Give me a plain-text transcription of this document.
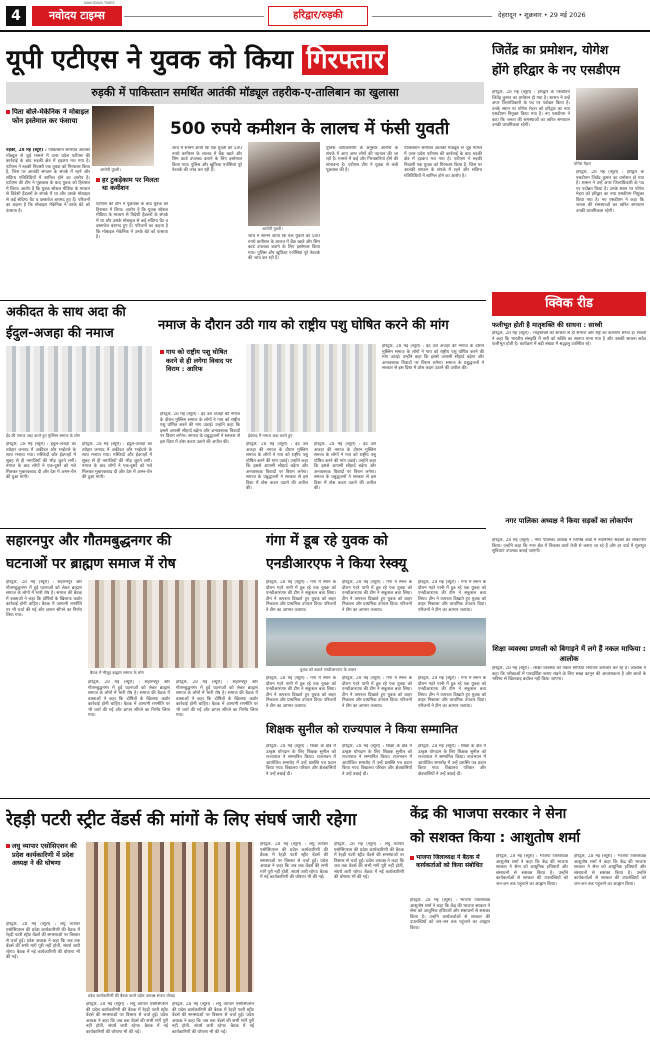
4	नवोदय टाइम्स
NAVODAYA TIMES
हरिद्वार/रुड़की	देहरादून • शुक्रवार • 29 मई 2026
यूपी एटीएस ने युवक को किया गिरफ्तार
रुड़की में पाकिस्तान समर्थित आतंकी मॉड्यूल तहरीक-ए-तालिबान का खुलासा
पिता बोले-मेकेनिक ने मोबाइल फोन इस्तेमाल कर फंसाया
आरोपी युवती।
रुड़की, 28 मई (ब्यूरो) : पाकिस्तान समर्थित आतंकी मॉड्यूल से जुड़े मामले में उत्तर प्रदेश एटीएस की कार्रवाई के बाद रुड़की क्षेत्र में हड़कंप मच गया है। एटीएस ने रुड़की निवासी एक युवक को गिरफ्तार किया है, जिस पर आतंकी संगठन के संपर्क में रहने और संदिग्ध गतिविधियों में शामिल होने का आरोप है। एटीएस की टीम ने पूछताछ के बाद युवक को हिरासत में लिया। आरोप है कि युवक सोशल मीडिया के माध्यम से विदेशी हैंडलरों के संपर्क में था और उसके मोबाइल से कई संदिग्ध चैट व दस्तावेज बरामद हुए हैं। परिजनों का कहना है कि मोबाइल मेकेनिक ने उनके बेटे को फंसाया है।
500 रुपये कमीशन के लालच में फंसी युवती
हर टुकड़ेकाम पर मिलता था कमीशन
एटीएस की टीम ने पूछताछ के बाद युवक को हिरासत में लिया। आरोप है कि युवक सोशल मीडिया के माध्यम से विदेशी हैंडलरों के संपर्क में था और उसके मोबाइल से कई संदिग्ध चैट व दस्तावेज बरामद हुए हैं। परिजनों का कहना है कि मोबाइल मेकेनिक ने उनके बेटे को फंसाया है।
जांच में सामने आया कि एक युवती को 500 रुपये कमीशन के लालच में बैंक खाते और सिम कार्ड उपलब्ध कराने के लिए इस्तेमाल किया गया। पुलिस और खुफिया एजेंसियां पूरे नेटवर्क की जांच कर रही हैं।
आरोपी युवती।
पुलिस अधिकारियों के अनुसार आरोपी के संपर्क में आए अन्य लोगों की पहचान की जा रही है। मामले में कई और गिरफ्तारियां होने की संभावना है। एटीएस टीम ने युवक से लंबी पूछताछ की है।
पाकिस्तान समर्थित आतंकी मॉड्यूल से जुड़े मामले में उत्तर प्रदेश एटीएस की कार्रवाई के बाद रुड़की क्षेत्र में हड़कंप मच गया है। एटीएस ने रुड़की निवासी एक युवक को गिरफ्तार किया है, जिस पर आतंकी संगठन के संपर्क में रहने और संदिग्ध गतिविधियों में शामिल होने का आरोप है।
जांच में सामने आया कि एक युवती को 500 रुपये कमीशन के लालच में बैंक खाते और सिम कार्ड उपलब्ध कराने के लिए इस्तेमाल किया गया। पुलिस और खुफिया एजेंसियां पूरे नेटवर्क की जांच कर रही हैं।
जितेंद्र का प्रमोशन, योगेश
होंगे हरिद्वार के नए एसडीएम
हरिद्वार, 28 मई (ब्यूरो) : हरिद्वार के एसडीएम जितेंद्र कुमार का प्रमोशन हो गया है। शासन ने उन्हें अपर जिलाधिकारी के पद पर पदोन्नत किया है। उनके स्थान पर योगेश मेहरा को हरिद्वार का नया एसडीएम नियुक्त किया गया है। नए एसडीएम ने कहा कि जनता की समस्याओं का त्वरित समाधान उनकी प्राथमिकता रहेगी।
योगेश मेहरा
हरिद्वार, 28 मई (ब्यूरो) : हरिद्वार के एसडीएम जितेंद्र कुमार का प्रमोशन हो गया है। शासन ने उन्हें अपर जिलाधिकारी के पद पर पदोन्नत किया है। उनके स्थान पर योगेश मेहरा को हरिद्वार का नया एसडीएम नियुक्त किया गया है। नए एसडीएम ने कहा कि जनता की समस्याओं का त्वरित समाधान उनकी प्राथमिकता रहेगी।
अकीदत के साथ अदा की
ईदुल-अजहा की नमाज
ईद की नमाज अदा करते हुए मुस्लिम समाज के लोग
हरिद्वार, 28 मई (ब्यूरो) : ईदुल-अजहा का त्योहार जनपद में अकीदत और भाईचारे के साथ मनाया गया। मस्जिदों और ईदगाहों में सुबह से ही नमाजियों की भीड़ जुटने लगी। नमाज के बाद लोगों ने एक-दूसरे को गले मिलकर मुबारकबाद दी और देश में अमन-चैन की दुआ मांगी।
हरिद्वार, 28 मई (ब्यूरो) : ईदुल-अजहा का त्योहार जनपद में अकीदत और भाईचारे के साथ मनाया गया। मस्जिदों और ईदगाहों में सुबह से ही नमाजियों की भीड़ जुटने लगी। नमाज के बाद लोगों ने एक-दूसरे को गले मिलकर मुबारकबाद दी और देश में अमन-चैन की दुआ मांगी।
नमाज के दौरान उठी गाय को राष्ट्रीय पशु घोषित करने की मांग
गाय को राष्ट्रीय पशु घोषित करने से ही लगेगा विवाद पर विराम : आरिफ
ईदगाह में नमाज अदा करते हुए
हरिद्वार, 28 मई (ब्यूरो) : ईद उल अजहा की नमाज के दौरान मुस्लिम समाज के लोगों ने गाय को राष्ट्रीय पशु घोषित करने की मांग उठाई। उन्होंने कहा कि इससे आपसी सौहार्द बढ़ेगा और अनावश्यक विवादों पर विराम लगेगा। समाज के प्रबुद्धजनों ने सरकार से इस दिशा में ठोस कदम उठाने की अपील की।	हरिद्वार, 28 मई (ब्यूरो) : ईद उल अजहा की नमाज के दौरान मुस्लिम समाज के लोगों ने गाय को राष्ट्रीय पशु घोषित करने की मांग उठाई। उन्होंने कहा कि इससे आपसी सौहार्द बढ़ेगा और अनावश्यक विवादों पर विराम लगेगा। समाज के प्रबुद्धजनों ने सरकार से इस दिशा में ठोस कदम उठाने की अपील की।
हरिद्वार, 28 मई (ब्यूरो) : ईद उल अजहा की नमाज के दौरान मुस्लिम समाज के लोगों ने गाय को राष्ट्रीय पशु घोषित करने की मांग उठाई। उन्होंने कहा कि इससे आपसी सौहार्द बढ़ेगा और अनावश्यक विवादों पर विराम लगेगा। समाज के प्रबुद्धजनों ने सरकार से इस दिशा में ठोस कदम उठाने की अपील की।
हरिद्वार, 28 मई (ब्यूरो) : ईद उल अजहा की नमाज के दौरान मुस्लिम समाज के लोगों ने गाय को राष्ट्रीय पशु घोषित करने की मांग उठाई। उन्होंने कहा कि इससे आपसी सौहार्द बढ़ेगा और अनावश्यक विवादों पर विराम लगेगा। समाज के प्रबुद्धजनों ने सरकार से इस दिशा में ठोस कदम उठाने की अपील की।
क्विक रीड
फलीभूत होती है मातृशक्ति की साधना : साध्वी
हरिद्वार, 28 मई (ब्यूरो) : मातृशक्ति की साधना से ही समाज और राष्ट्र का कल्याण संभव है। साध्वी ने कहा कि भारतीय संस्कृति में नारी को शक्ति का स्वरूप माना गया है और उसकी साधना सदैव फलीभूत होती है। कार्यक्रम में बड़ी संख्या में श्रद्धालु उपस्थित रहे।
नगर पालिका अध्यक्ष ने किया सड़कों का लोकार्पण
हरिद्वार, 28 मई (ब्यूरो) : नगर पालिका अध्यक्ष ने विभिन्न वार्डों में नवनिर्मित सड़कों का लोकार्पण किया। उन्होंने कहा कि नगर क्षेत्र में विकास कार्य तेजी से कराए जा रहे हैं और हर वार्ड में मूलभूत सुविधाएं उपलब्ध कराई जाएंगी।
शिक्षा व्यवस्था प्रणाली को बिगाड़ने में लगे हैं नकल माफिया : आलोक
हरिद्वार, 28 मई (ब्यूरो) : शिक्षा व्यवस्था को नकल माफिया लगातार कमजोर कर रहे हैं। आलोक ने कहा कि परीक्षाओं में पारदर्शिता बनाए रखने के लिए सख्त कानून की आवश्यकता है और छात्रों के भविष्य से खिलवाड़ बर्दाश्त नहीं किया जाएगा।
सहारनपुर और गौतमबुद्धनगर की
घटनाओं पर ब्राह्मण समाज में रोष
हरिद्वार, 28 मई (ब्यूरो) : सहारनपुर और गौतमबुद्धनगर में हुई घटनाओं को लेकर ब्राह्मण समाज के लोगों में भारी रोष है। समाज की बैठक में वक्ताओं ने कहा कि दोषियों के खिलाफ कठोर कार्रवाई होनी चाहिए। बैठक में आगामी रणनीति पर भी चर्चा की गई और ज्ञापन सौंपने का निर्णय लिया गया।
बैठक में मौजूद ब्राह्मण समाज के लोग
हरिद्वार, 28 मई (ब्यूरो) : सहारनपुर और गौतमबुद्धनगर में हुई घटनाओं को लेकर ब्राह्मण समाज के लोगों में भारी रोष है। समाज की बैठक में वक्ताओं ने कहा कि दोषियों के खिलाफ कठोर कार्रवाई होनी चाहिए। बैठक में आगामी रणनीति पर भी चर्चा की गई और ज्ञापन सौंपने का निर्णय लिया गया।
हरिद्वार, 28 मई (ब्यूरो) : सहारनपुर और गौतमबुद्धनगर में हुई घटनाओं को लेकर ब्राह्मण समाज के लोगों में भारी रोष है। समाज की बैठक में वक्ताओं ने कहा कि दोषियों के खिलाफ कठोर कार्रवाई होनी चाहिए। बैठक में आगामी रणनीति पर भी चर्चा की गई और ज्ञापन सौंपने का निर्णय लिया गया।
गंगा में डूब रहे युवक को
एनडीआरएफ ने किया रेस्क्यू
हरिद्वार, 28 मई (ब्यूरो) : गंगा में स्नान के दौरान गहरे पानी में डूब रहे एक युवक को एनडीआरएफ की टीम ने सकुशल बचा लिया। टीम ने तत्परता दिखाते हुए युवक को बाहर निकाला और प्राथमिक उपचार दिया। परिजनों ने टीम का आभार जताया।
हरिद्वार, 28 मई (ब्यूरो) : गंगा में स्नान के दौरान गहरे पानी में डूब रहे एक युवक को एनडीआरएफ की टीम ने सकुशल बचा लिया। टीम ने तत्परता दिखाते हुए युवक को बाहर निकाला और प्राथमिक उपचार दिया। परिजनों ने टीम का आभार जताया।
हरिद्वार, 28 मई (ब्यूरो) : गंगा में स्नान के दौरान गहरे पानी में डूब रहे एक युवक को एनडीआरएफ की टीम ने सकुशल बचा लिया। टीम ने तत्परता दिखाते हुए युवक को बाहर निकाला और प्राथमिक उपचार दिया। परिजनों ने टीम का आभार जताया।
युवक को बचाते एनडीआरएफ के जवान
हरिद्वार, 28 मई (ब्यूरो) : गंगा में स्नान के दौरान गहरे पानी में डूब रहे एक युवक को एनडीआरएफ की टीम ने सकुशल बचा लिया। टीम ने तत्परता दिखाते हुए युवक को बाहर निकाला और प्राथमिक उपचार दिया। परिजनों ने टीम का आभार जताया।
हरिद्वार, 28 मई (ब्यूरो) : गंगा में स्नान के दौरान गहरे पानी में डूब रहे एक युवक को एनडीआरएफ की टीम ने सकुशल बचा लिया। टीम ने तत्परता दिखाते हुए युवक को बाहर निकाला और प्राथमिक उपचार दिया। परिजनों ने टीम का आभार जताया।
हरिद्वार, 28 मई (ब्यूरो) : गंगा में स्नान के दौरान गहरे पानी में डूब रहे एक युवक को एनडीआरएफ की टीम ने सकुशल बचा लिया। टीम ने तत्परता दिखाते हुए युवक को बाहर निकाला और प्राथमिक उपचार दिया। परिजनों ने टीम का आभार जताया।
शिक्षक सुनील को राज्यपाल ने किया सम्मानित
हरिद्वार, 28 मई (ब्यूरो) : शिक्षा के क्षेत्र में उत्कृष्ट योगदान के लिए शिक्षक सुनील को राज्यपाल ने सम्मानित किया। राजभवन में आयोजित समारोह में उन्हें प्रशस्ति पत्र प्रदान किया गया। विद्यालय परिवार और क्षेत्रवासियों ने उन्हें बधाई दी।
हरिद्वार, 28 मई (ब्यूरो) : शिक्षा के क्षेत्र में उत्कृष्ट योगदान के लिए शिक्षक सुनील को राज्यपाल ने सम्मानित किया। राजभवन में आयोजित समारोह में उन्हें प्रशस्ति पत्र प्रदान किया गया। विद्यालय परिवार और क्षेत्रवासियों ने उन्हें बधाई दी।
हरिद्वार, 28 मई (ब्यूरो) : शिक्षा के क्षेत्र में उत्कृष्ट योगदान के लिए शिक्षक सुनील को राज्यपाल ने सम्मानित किया। राजभवन में आयोजित समारोह में उन्हें प्रशस्ति पत्र प्रदान किया गया। विद्यालय परिवार और क्षेत्रवासियों ने उन्हें बधाई दी।
रेहड़ी पटरी स्ट्रीट वेंडर्स की मांगों के लिए संघर्ष जारी रहेगा
लघु व्यापार एसोसिएशन की प्रदेश कार्यकारिणी में प्रदेश अध्यक्ष ने की घोषणा
हरिद्वार, 28 मई (ब्यूरो) : लघु व्यापार एसोसिएशन की प्रदेश कार्यकारिणी की बैठक में रेहड़ी पटरी स्ट्रीट वेंडर्स की समस्याओं पर विस्तार से चर्चा हुई। प्रदेश अध्यक्ष ने कहा कि जब तक वेंडर्स की सभी मांगें पूरी नहीं होतीं, संघर्ष जारी रहेगा। बैठक में नई कार्यकारिणी की घोषणा भी की गई।
प्रदेश कार्यकारिणी की बैठक करते प्रदेश अध्यक्ष संजय चोपड़ा
हरिद्वार, 28 मई (ब्यूरो) : लघु व्यापार एसोसिएशन की प्रदेश कार्यकारिणी की बैठक में रेहड़ी पटरी स्ट्रीट वेंडर्स की समस्याओं पर विस्तार से चर्चा हुई। प्रदेश अध्यक्ष ने कहा कि जब तक वेंडर्स की सभी मांगें पूरी नहीं होतीं, संघर्ष जारी रहेगा। बैठक में नई कार्यकारिणी की घोषणा भी की गई।
हरिद्वार, 28 मई (ब्यूरो) : लघु व्यापार एसोसिएशन की प्रदेश कार्यकारिणी की बैठक में रेहड़ी पटरी स्ट्रीट वेंडर्स की समस्याओं पर विस्तार से चर्चा हुई। प्रदेश अध्यक्ष ने कहा कि जब तक वेंडर्स की सभी मांगें पूरी नहीं होतीं, संघर्ष जारी रहेगा। बैठक में नई कार्यकारिणी की घोषणा भी की गई।
हरिद्वार, 28 मई (ब्यूरो) : लघु व्यापार एसोसिएशन की प्रदेश कार्यकारिणी की बैठक में रेहड़ी पटरी स्ट्रीट वेंडर्स की समस्याओं पर विस्तार से चर्चा हुई। प्रदेश अध्यक्ष ने कहा कि जब तक वेंडर्स की सभी मांगें पूरी नहीं होतीं, संघर्ष जारी रहेगा। बैठक में नई कार्यकारिणी की घोषणा भी की गई।
हरिद्वार, 28 मई (ब्यूरो) : लघु व्यापार एसोसिएशन की प्रदेश कार्यकारिणी की बैठक में रेहड़ी पटरी स्ट्रीट वेंडर्स की समस्याओं पर विस्तार से चर्चा हुई। प्रदेश अध्यक्ष ने कहा कि जब तक वेंडर्स की सभी मांगें पूरी नहीं होतीं, संघर्ष जारी रहेगा। बैठक में नई कार्यकारिणी की घोषणा भी की गई।
केंद्र की भाजपा सरकार ने सेना
को सशक्त किया : आशुतोष शर्मा
भाजपा जिलाध्यक्ष ने बैठक में कार्यकर्ताओं को किया संबोधित
हरिद्वार, 28 मई (ब्यूरो) : भाजपा जिलाध्यक्ष आशुतोष शर्मा ने कहा कि केंद्र की भाजपा सरकार ने सेना को आधुनिक हथियारों और संसाधनों से सशक्त किया है। उन्होंने कार्यकर्ताओं से सरकार की उपलब्धियों को जन-जन तक पहुंचाने का आह्वान किया।
हरिद्वार, 28 मई (ब्यूरो) : भाजपा जिलाध्यक्ष आशुतोष शर्मा ने कहा कि केंद्र की भाजपा सरकार ने सेना को आधुनिक हथियारों और संसाधनों से सशक्त किया है। उन्होंने कार्यकर्ताओं से सरकार की उपलब्धियों को जन-जन तक पहुंचाने का आह्वान किया।
हरिद्वार, 28 मई (ब्यूरो) : भाजपा जिलाध्यक्ष आशुतोष शर्मा ने कहा कि केंद्र की भाजपा सरकार ने सेना को आधुनिक हथियारों और संसाधनों से सशक्त किया है। उन्होंने कार्यकर्ताओं से सरकार की उपलब्धियों को जन-जन तक पहुंचाने का आह्वान किया।
